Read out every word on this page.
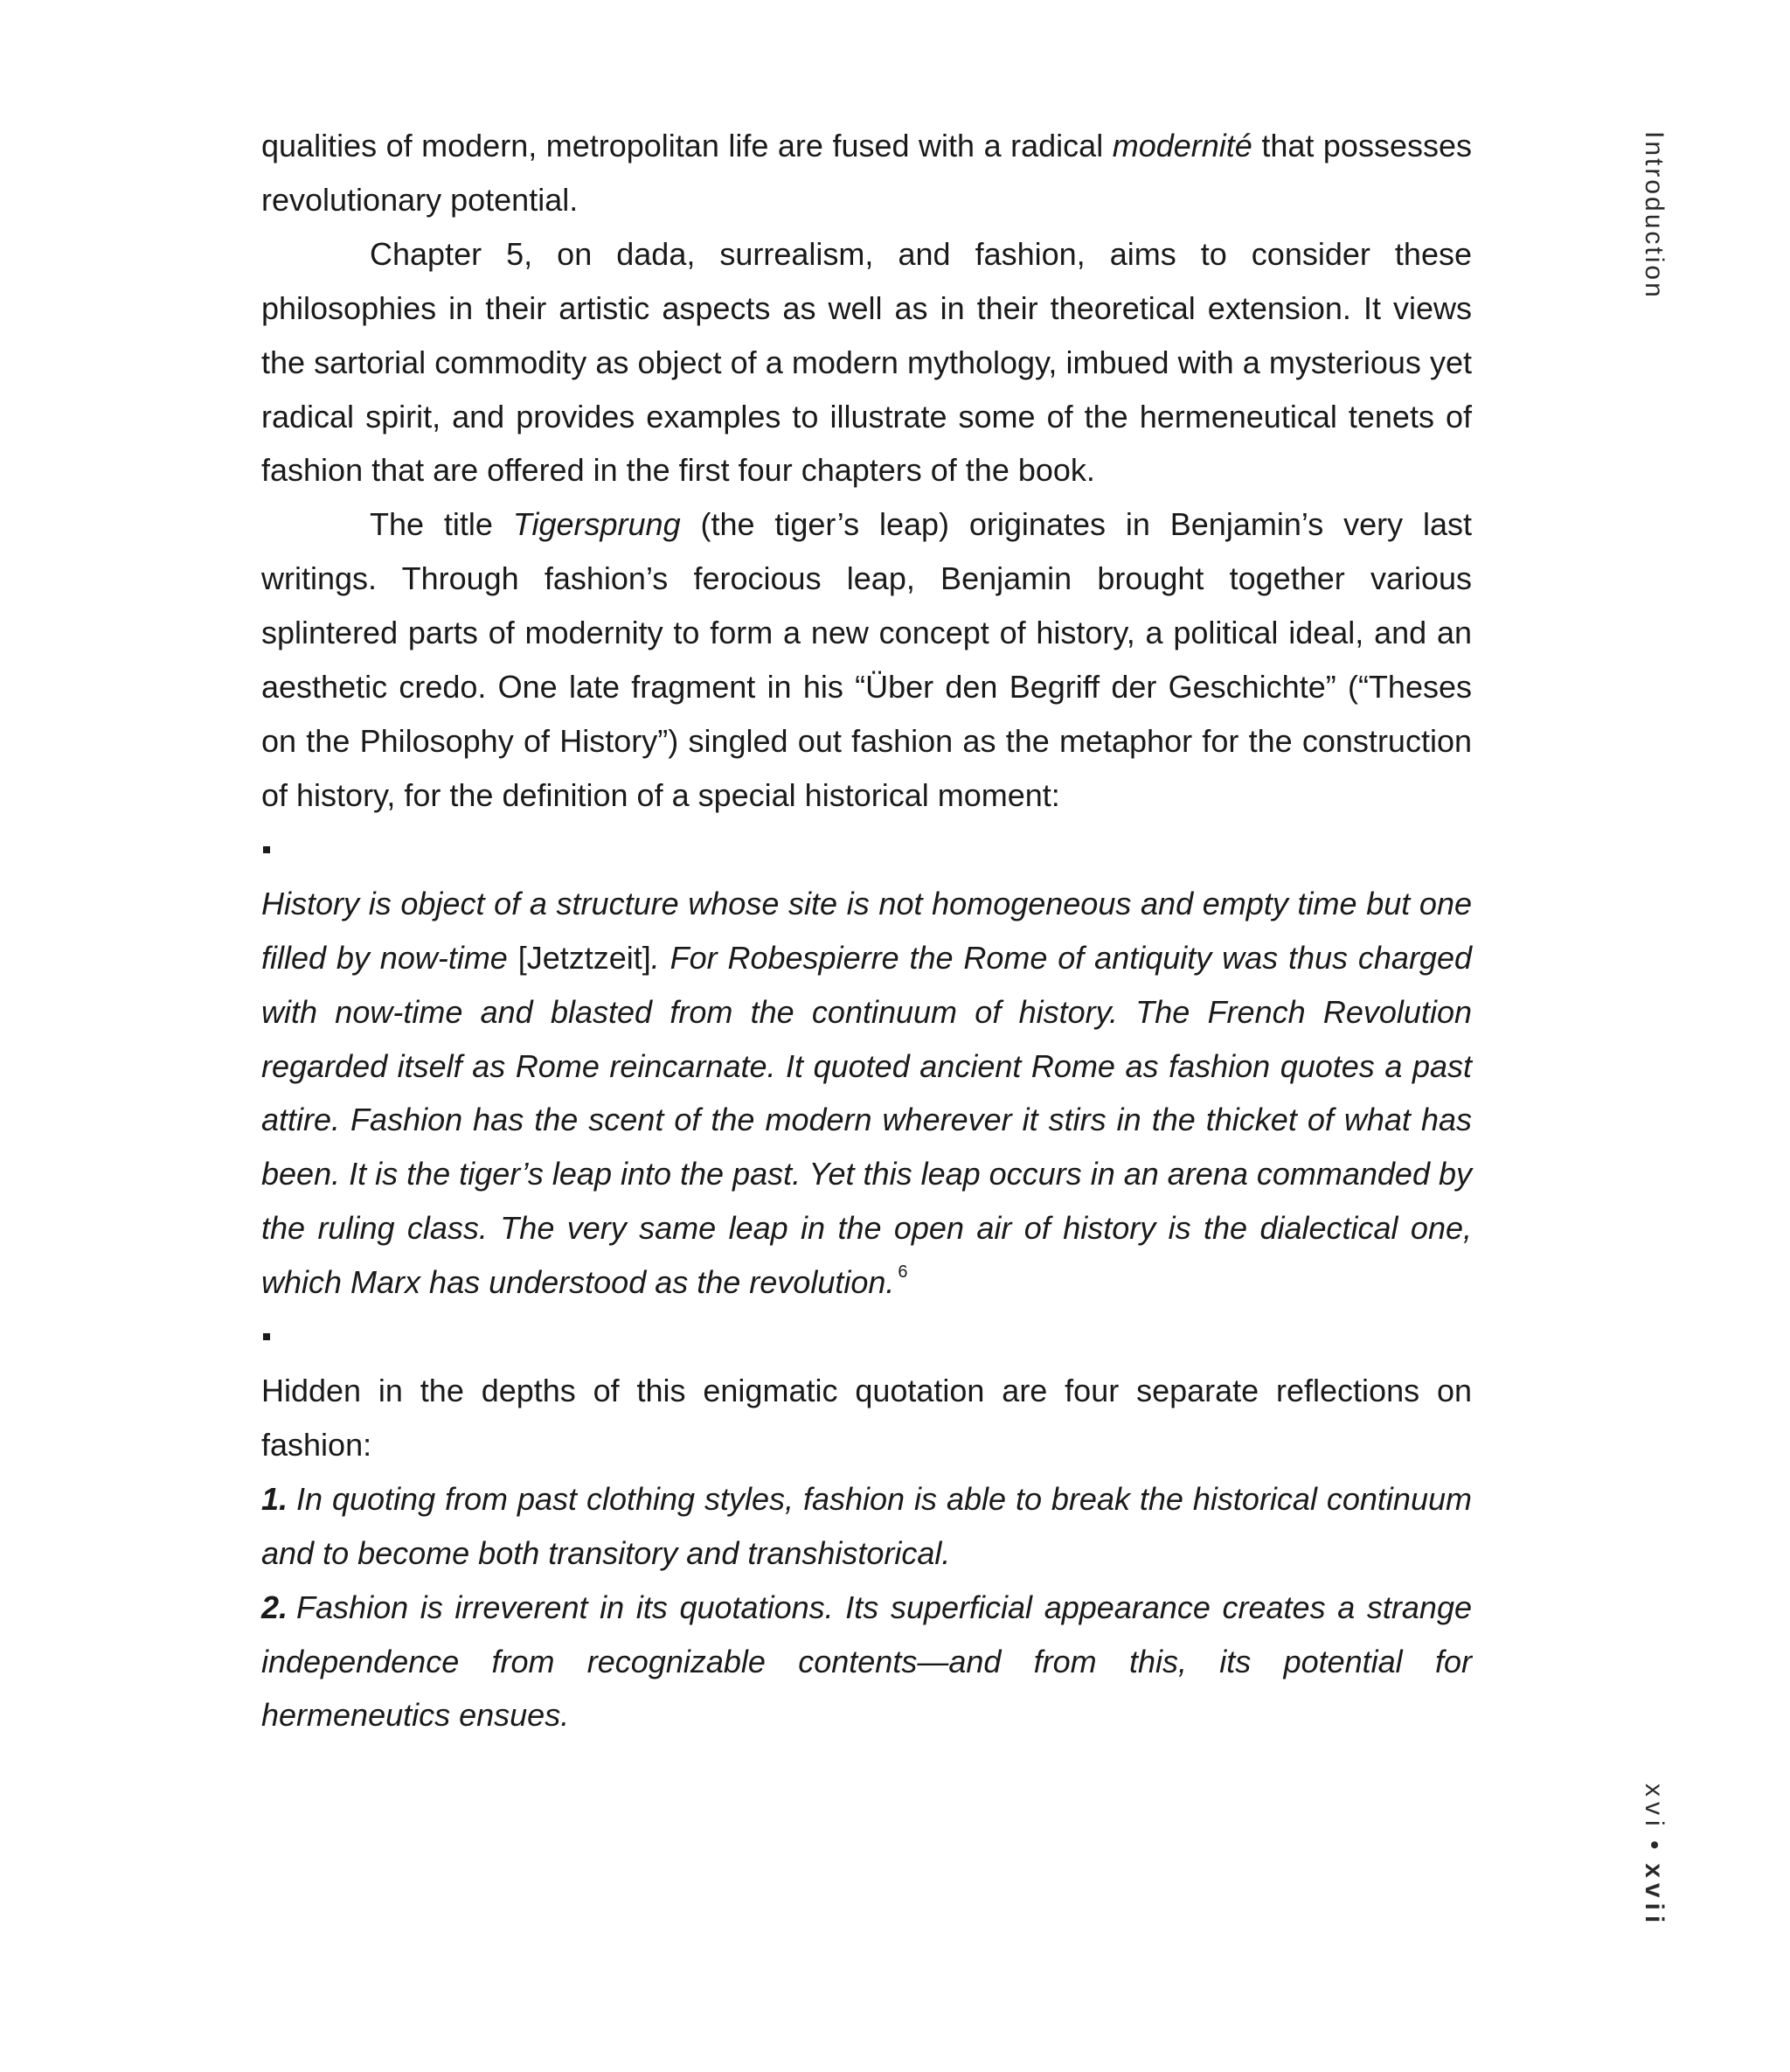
qualities of modern, metropolitan life are fused with a radical modernité that possesses revolutionary potential.

Chapter 5, on dada, surrealism, and fashion, aims to consider these philosophies in their artistic aspects as well as in their theoretical extension. It views the sartorial commodity as object of a modern mythology, imbued with a mysterious yet radical spirit, and provides examples to illustrate some of the hermeneutical tenets of fashion that are offered in the first four chapters of the book.

The title Tigersprung (the tiger’s leap) originates in Benjamin’s very last writings. Through fashion’s ferocious leap, Benjamin brought together various splintered parts of modernity to form a new concept of history, a political ideal, and an aesthetic credo. One late fragment in his “Über den Begriff der Geschichte” (“Theses on the Philosophy of History”) singled out fashion as the metaphor for the construction of history, for the definition of a special historical moment:

History is object of a structure whose site is not homogeneous and empty time but one filled by now-time [Jetztzeit]. For Robespierre the Rome of antiquity was thus charged with now-time and blasted from the continuum of history. The French Revolution regarded itself as Rome reincarnate. It quoted ancient Rome as fashion quotes a past attire. Fashion has the scent of the modern wherever it stirs in the thicket of what has been. It is the tiger’s leap into the past. Yet this leap occurs in an arena commanded by the ruling class. The very same leap in the open air of history is the dialectical one, which Marx has understood as the revolution. $^6$

Hidden in the depths of this enigmatic quotation are four separate reflections on fashion:

1. In quoting from past clothing styles, fashion is able to break the historical continuum and to become both transitory and transhistorical.

2. Fashion is irreverent in its quotations. Its superficial appearance creates a strange independence from recognizable contents—and from this, its potential for hermeneutics ensues.

Introduction
xvi•xvii
